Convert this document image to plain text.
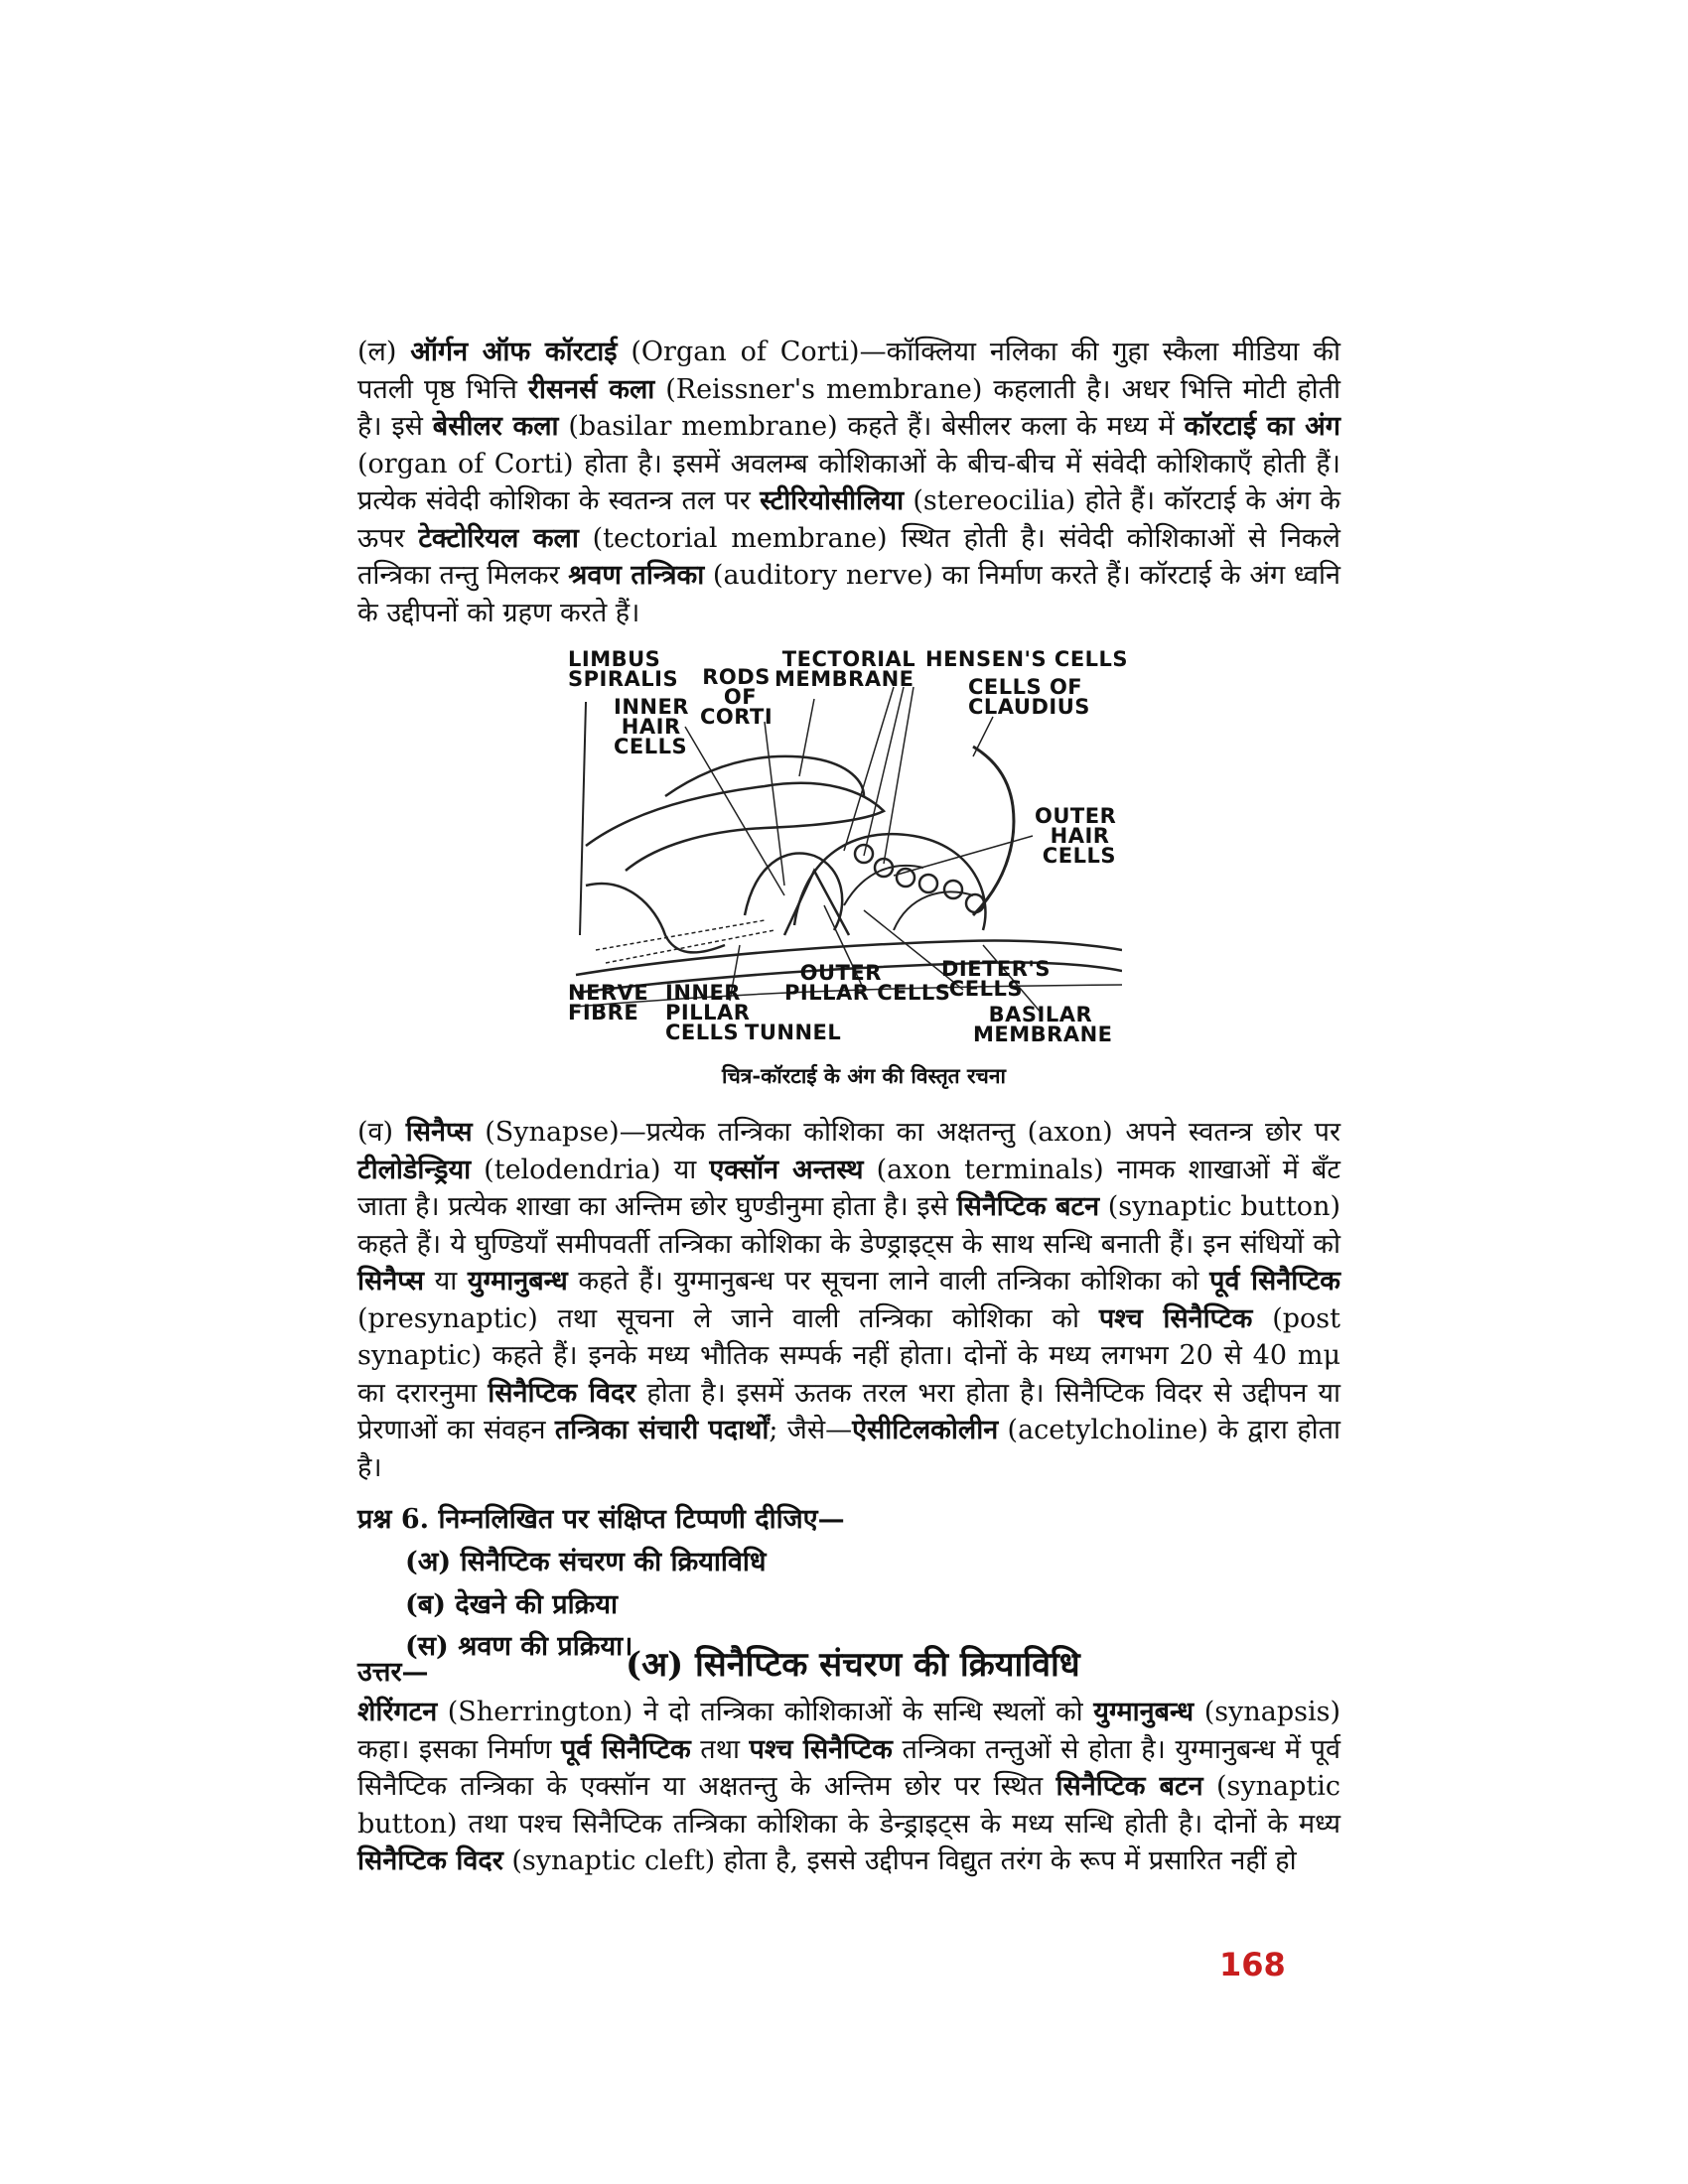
(ल) ऑर्गन ऑफ कॉरटाई (Organ of Corti)—कॉक्लिया नलिका की गुहा स्कैला मीडिया की पतली पृष्ठ भित्ति रीसनर्स कला (Reissner's membrane) कहलाती है। अधर भित्ति मोटी होती है। इसे बेसीलर कला (basilar membrane) कहते हैं। बेसीलर कला के मध्य में कॉरटाई का अंग (organ of Corti) होता है। इसमें अवलम्ब कोशिकाओं के बीच-बीच में संवेदी कोशिकाएँ होती हैं। प्रत्येक संवेदी कोशिका के स्वतन्त्र तल पर स्टीरियोसीलिया (stereocilia) होते हैं। कॉरटाई के अंग के ऊपर टेक्टोरियल कला (tectorial membrane) स्थित होती है। संवेदी कोशिकाओं से निकले तन्त्रिका तन्तु मिलकर श्रवण तन्त्रिका (auditory nerve) का निर्माण करते हैं। कॉरटाई के अंग ध्वनि के उद्दीपनों को ग्रहण करते हैं।
LIMBUS
SPIRALIS RODS
OF
CORTI
TECTORIAL
MEMBRANE
HENSEN'S CELLS
CELLS OF
CLAUDIUS
INNER
HAIR
CELLS
OUTER
HAIR
CELLS
OUTER
PILLAR CELLS
DIETER'S
CELLS
NERVE
FIBRE
INNER
PILLAR
CELLS TUNNEL
BASILAR
MEMBRANE
चित्र-कॉरटाई के अंग की विस्तृत रचना
(व) सिनैप्स (Synapse)—प्रत्येक तन्त्रिका कोशिका का अक्षतन्तु (axon) अपने स्वतन्त्र छोर पर टीलोडेन्ड्रिया (telodendria) या एक्सॉन अन्तस्थ (axon terminals) नामक शाखाओं में बँट जाता है। प्रत्येक शाखा का अन्तिम छोर घुण्डीनुमा होता है। इसे सिनैप्टिक बटन (synaptic button) कहते हैं। ये घुण्डियाँ समीपवर्ती तन्त्रिका कोशिका के डेण्ड्राइट्स के साथ सन्धि बनाती हैं। इन संधियों को सिनैप्स या युग्मानुबन्ध कहते हैं। युग्मानुबन्ध पर सूचना लाने वाली तन्त्रिका कोशिका को पूर्व सिनैप्टिक (presynaptic) तथा सूचना ले जाने वाली तन्त्रिका कोशिका को पश्च सिनैप्टिक (post synaptic) कहते हैं। इनके मध्य भौतिक सम्पर्क नहीं होता। दोनों के मध्य लगभग 20 से 40 mμ का दरारनुमा सिनैप्टिक विदर होता है। इसमें ऊतक तरल भरा होता है। सिनैप्टिक विदर से उद्दीपन या प्रेरणाओं का संवहन तन्त्रिका संचारी पदार्थों; जैसे—ऐसीटिलकोलीन (acetylcholine) के द्वारा होता है।
प्रश्न 6. निम्नलिखित पर संक्षिप्त टिप्पणी दीजिए—
(अ) सिनैप्टिक संचरण की क्रियाविधि
(ब) देखने की प्रक्रिया
(स) श्रवण की प्रक्रिया।
उत्तर—	(अ) सिनैप्टिक संचरण की क्रियाविधि
शेरिंगटन (Sherrington) ने दो तन्त्रिका कोशिकाओं के सन्धि स्थलों को युग्मानुबन्ध (synapsis) कहा। इसका निर्माण पूर्व सिनैप्टिक तथा पश्च सिनैप्टिक तन्त्रिका तन्तुओं से होता है। युग्मानुबन्ध में पूर्व सिनैप्टिक तन्त्रिका के एक्सॉन या अक्षतन्तु के अन्तिम छोर पर स्थित सिनैप्टिक बटन (synaptic button) तथा पश्च सिनैप्टिक तन्त्रिका कोशिका के डेन्ड्राइट्स के मध्य सन्धि होती है। दोनों के मध्य सिनैप्टिक विदर (synaptic cleft) होता है, इससे उद्दीपन विद्युत तरंग के रूप में प्रसारित नहीं हो
168
